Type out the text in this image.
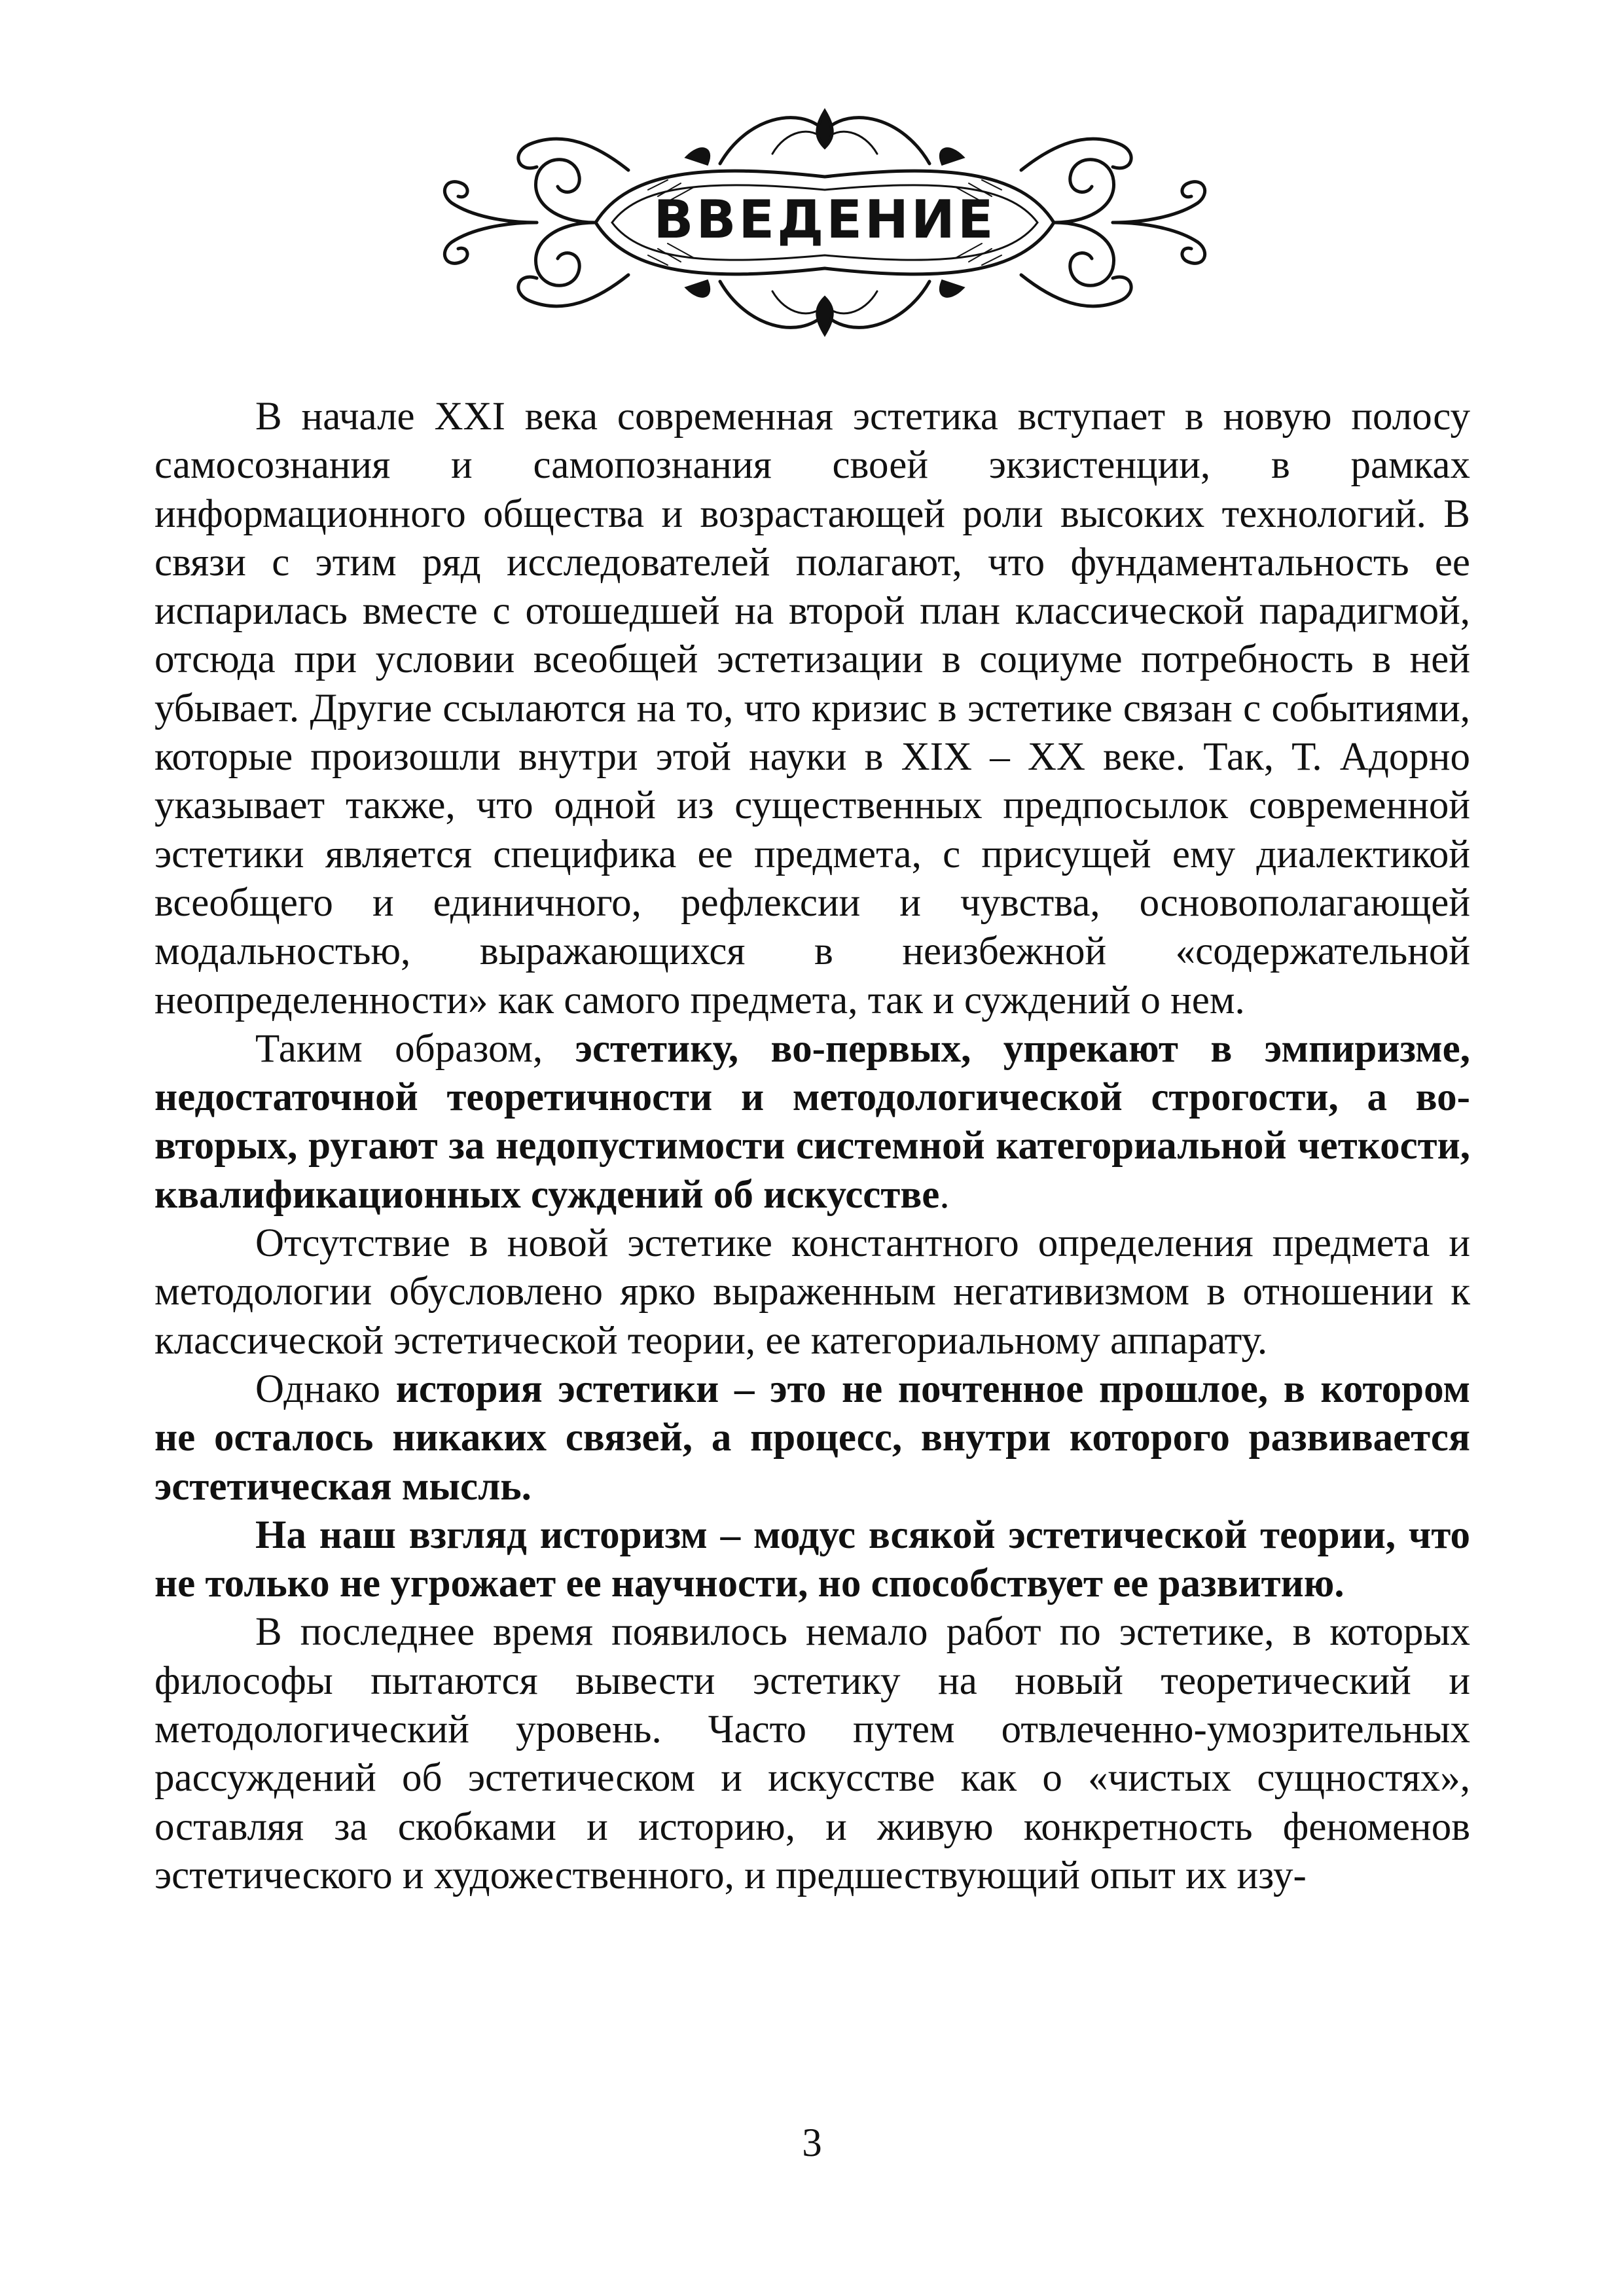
ВВЕДЕНИЕ

В начале XXI века современная эстетика вступает в новую полосу самосознания и самопознания своей экзистенции, в рамках информационного общества и возрастающей роли высоких технологий. В связи с этим ряд исследователей полагают, что фундаментальность ее испарилась вместе с отошедшей на второй план классической парадигмой, отсюда при условии всеобщей эстетизации в социуме потребность в ней убывает. Другие ссылаются на то, что кризис в эстетике связан с событиями, которые произошли внутри этой науки в XIX – XX веке. Так, Т. Адорно указывает также, что одной из существенных предпосылок современной эстетики является специфика ее предмета, с присущей ему диалектикой всеобщего и единичного, рефлексии и чувства, основополагающей модальностью, выражающихся в неизбежной «содержательной неопределенности» как самого предмета, так и суждений о нем.

Таким образом, эстетику, во-первых, упрекают в эмпиризме, недостаточной теоретичности и методологической строгости, а во-вторых, ругают за недопустимости системной категориальной четкости, квалификационных суждений об искусстве.

Отсутствие в новой эстетике константного определения предмета и методологии обусловлено ярко выраженным негативизмом в отношении к классической эстетической теории, ее категориальному аппарату.

Однако история эстетики – это не почтенное прошлое, в котором не осталось никаких связей, а процесс, внутри которого развивается эстетическая мысль.

На наш взгляд историзм – модус всякой эстетической теории, что не только не угрожает ее научности, но способствует ее развитию.

В последнее время появилось немало работ по эстетике, в которых философы пытаются вывести эстетику на новый теоретический и методологический уровень. Часто путем отвлеченно-умозрительных рассуждений об эстетическом и искусстве как о «чистых сущностях», оставляя за скобками и историю, и живую конкретность феноменов эстетического и художественного, и предшествующий опыт их изу-

3
